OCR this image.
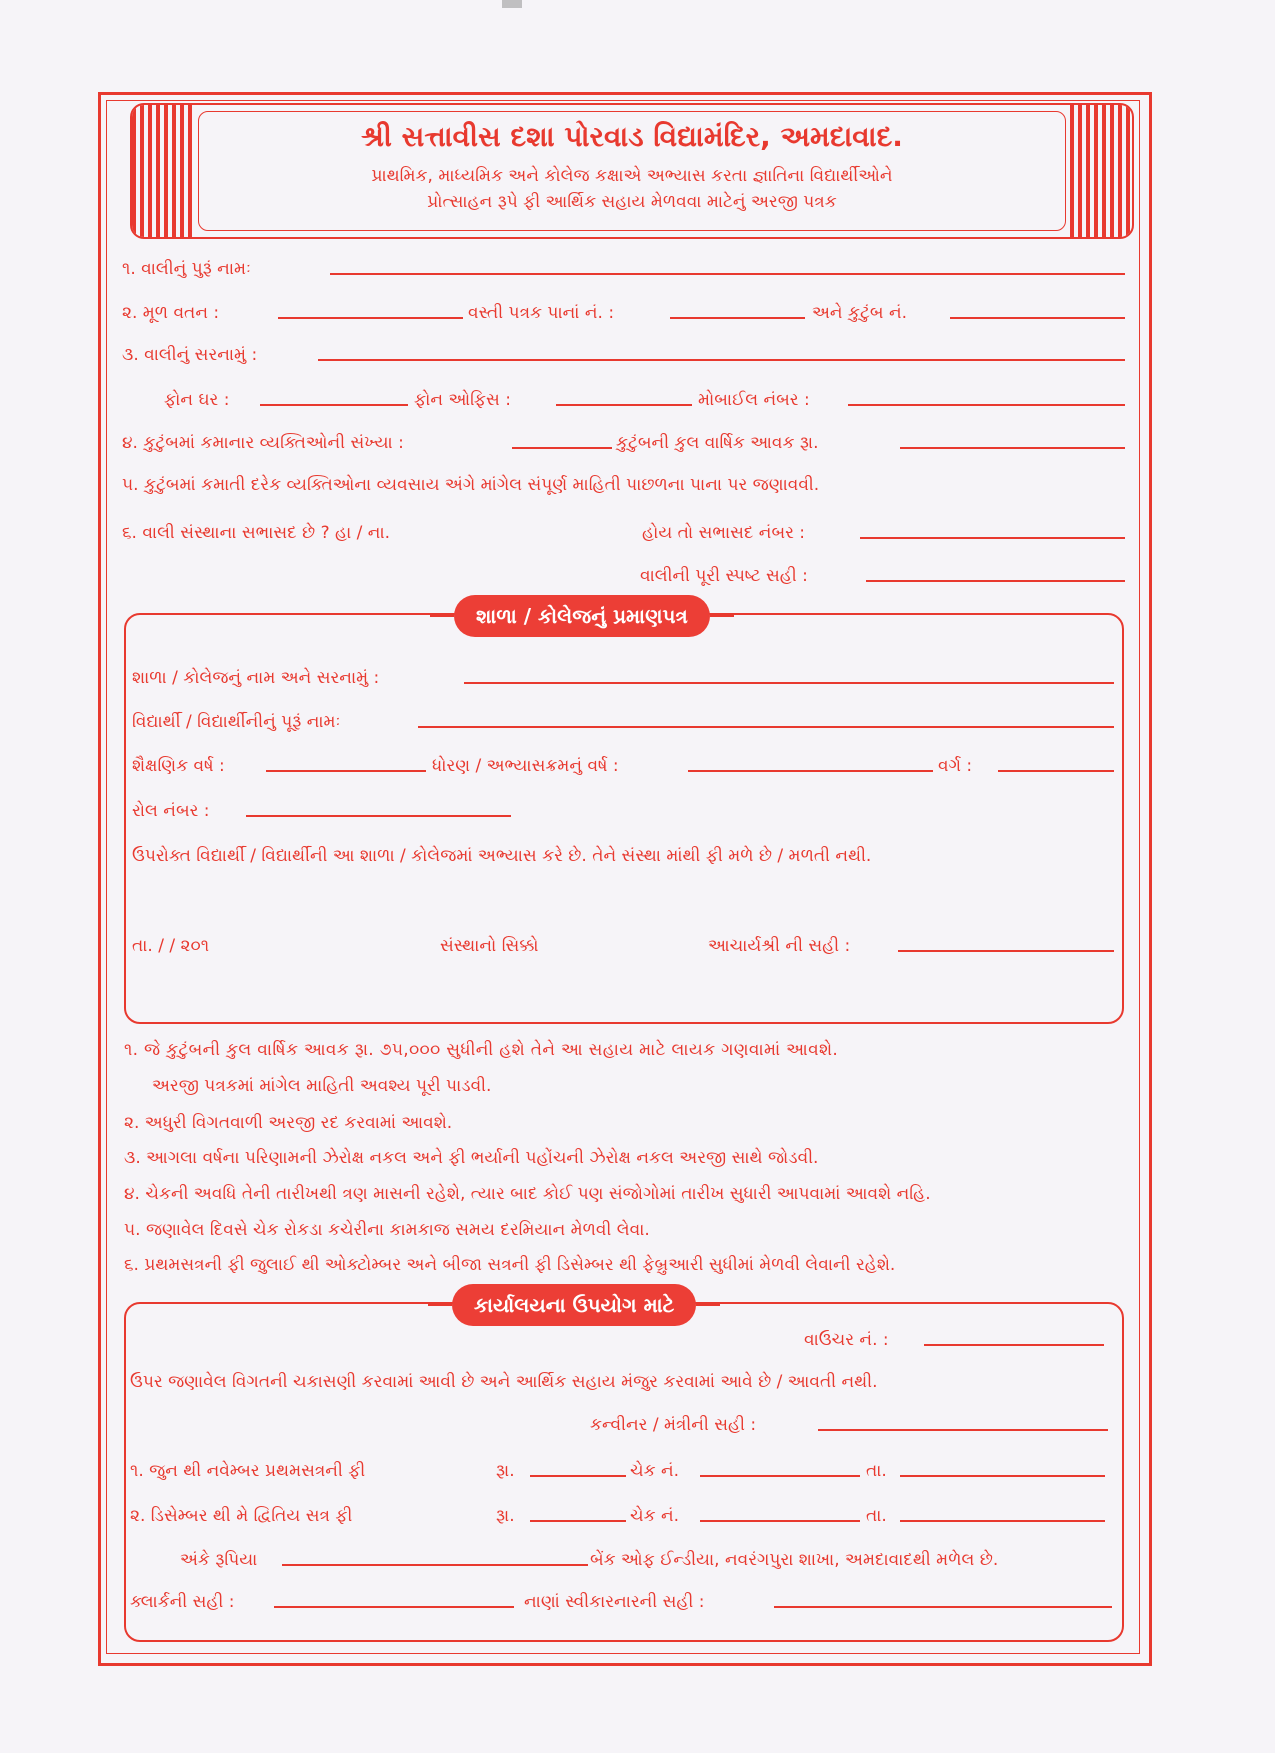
શ્રી સત્તાવીસ દશા પોરવાડ વિદ્યામંદિર, અમદાવાદ.
પ્રાથમિક, માધ્યમિક અને કોલેજ કક્ષાએ અભ્યાસ કરતા જ્ઞાતિના વિદ્યાર્થીઓને
પ્રોત્સાહન રૂપે ફી આર્થિક સહાય મેળવવા માટેનું અરજી પત્રક
૧. વાલીનું પુરૂં નામઃ
૨. મૂળ વતન :	વસ્તી પત્રક પાનાં નં. :	અને કુટુંબ નં.
૩. વાલીનું સરનામું :
ફોન ઘર :	ફોન ઓફિસ :	મોબાઈલ નંબર :
૪. કુટુંબમાં કમાનાર વ્યક્તિઓની સંખ્યા :	કુટુંબની કુલ વાર્ષિક આવક રૂા.
૫. કુટુંબમાં કમાતી દરેક વ્યક્તિઓના વ્યવસાય અંગે માંગેલ સંપૂર્ણ માહિતી પાછળના પાના પર જણાવવી.
૬. વાલી સંસ્થાના સભાસદ છે ? હા / ના.	હોય તો સભાસદ નંબર :
વાલીની પૂરી સ્પષ્ટ સહી :
શાળા / કોલેજનું પ્રમાણપત્ર
શાળા / કોલેજનું નામ અને સરનામું :
વિદ્યાર્થી / વિદ્યાર્થીનીનું પૂરૂં નામઃ
શૈક્ષણિક વર્ષ :	ધોરણ / અભ્યાસક્રમનું વર્ષ :	વર્ગ :
રોલ નંબર :
ઉપરોક્ત વિદ્યાર્થી / વિદ્યાર્થીની આ શાળા / કોલેજમાં અભ્યાસ કરે છે. તેને સંસ્થા માંથી ફી મળે છે / મળતી નથી.
તા. / / ૨૦૧	સંસ્થાનો સિક્કો	આચાર્યશ્રી ની સહી :
૧. જે કુટુંબની કુલ વાર્ષિક આવક રૂા. ૭૫,૦૦૦ સુધીની હશે તેને આ સહાય માટે લાયક ગણવામાં આવશે.
અરજી પત્રકમાં માંગેલ માહિતી અવશ્ય પૂરી પાડવી.
૨. અધુરી વિગતવાળી અરજી રદ કરવામાં આવશે.
૩. આગલા વર્ષના પરિણામની ઝેરોક્ષ નકલ અને ફી ભર્યાની પહોંચની ઝેરોક્ષ નકલ અરજી સાથે જોડવી.
૪. ચેકની અવધિ તેની તારીખથી ત્રણ માસની રહેશે, ત્યાર બાદ કોઈ પણ સંજોગોમાં તારીખ સુધારી આપવામાં આવશે નહિ.
૫. જણાવેલ દિવસે ચેક રોકડા કચેરીના કામકાજ સમય દરમિયાન મેળવી લેવા.
૬. પ્રથમસત્રની ફી જુલાઈ થી ઓક્ટોમ્બર અને બીજા સત્રની ફી ડિસેમ્બર થી ફેબ્રુઆરી સુધીમાં મેળવી લેવાની રહેશે.
કાર્યાલયના ઉપયોગ માટે
વાઉચર નં. :
ઉપર જણાવેલ વિગતની ચકાસણી કરવામાં આવી છે અને આર્થિક સહાય મંજુર કરવામાં આવે છે / આવતી નથી.
કન્વીનર / મંત્રીની સહી :
૧. જુન થી નવેમ્બર પ્રથમસત્રની ફી	રૂા.	ચેક નં.	તા.
૨. ડિસેમ્બર થી મે દ્વિતિય સત્ર ફી	રૂા.	ચેક નં.	તા.
અંકે રૂપિયા	બેંક ઓફ ઈન્ડીયા, નવરંગપુરા શાખા, અમદાવાદથી મળેલ છે.
ક્લાર્કની સહી :	નાણાં સ્વીકારનારની સહી :
